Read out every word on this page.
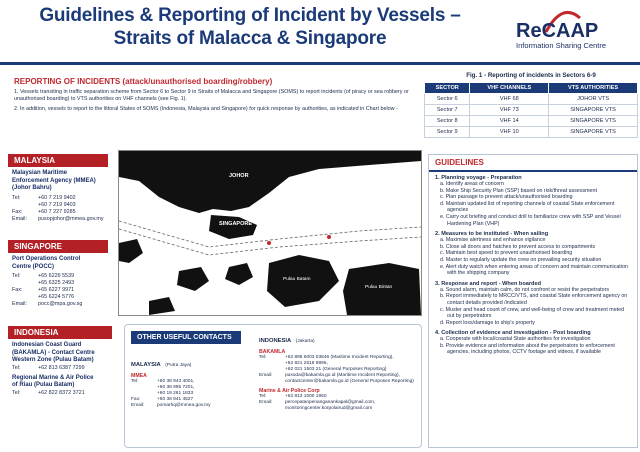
Guidelines & Reporting of Incident by Vessels –
Straits of Malacca & Singapore	ReCAAP
Information Sharing Centre
REPORTING OF INCIDENTS (attack/unauthorised boarding/robbery)
1. Vessels transiting in traffic separation scheme from Sector 6 to Sector 9 in Straits of Malacca and Singapore (SOMS) to report incidents (of piracy or sea robbery or unauthorised boarding) to VTS authorities on VHF channels (see Fig. 1).
2. In addition, vessels to report to the littoral States of SOMS (Indonesia, Malaysia and Singapore) for quick response by authorities, as indicated in Chart below -
Fig. 1 - Reporting of incidents in Sectors 6-9
SECTOR	VHF CHANNELS	VTS AUTHORITIES
Sector 6	VHF 68	JOHOR VTS
Sector 7	VHF 73	SINGAPORE VTS
Sector 8	VHF 14	SINGAPORE VTS
Sector 9	VHF 10	SINGAPORE VTS
MALAYSIA
Malaysian Maritime
Enforcement Agency (MMEA)
(Johor Bahru)
Tel:	+60 7 219 9402
+60 7 219 9403
Fax:	+60 7 227 9285
Email:	pusopjohor@mmea.gov.my
SINGAPORE
Port Operations Control
Centre (POCC)
Tel:	+65 6226 5539
+65 6325 2493
Fax:	+65 6227 9971
+65 6224 5776
Email:	pocc@mpa.gov.sg
INDONESIA
Indonesian Coast Guard
(BAKAMLA) - Contact Centre
Western Zone (Pulau Batam)
Tel:	+62 813 6387 7299
Regional Marine & Air Police
of Riau (Pulau Batam)
Tel:	+62 822 8372 3721
JOHOR
SINGAPORE
Pulau Batam
Pulau Bintan
OTHER USEFUL CONTACTS
MALAYSIA (Putra Jaya)
MMEA
Tel:	+60 38 943 4001,
+60 38 995 7201,
+60 19 261 1833
Fax:	+60 38 941 4527
Email:	pomarhq@mmea.gov.my
INDONESIA (Jakarta)
BAKAMLA
Tel:	+62 895 6003 03846 (Maritime Incident Reporting),
+62 821 2518 9896,
+62 021 1503 21 (General Purposes Reporting)
Email:	pusoda@bakamla.go.id (Maritime Incident Reporting),
contactcenter@bakamla.go.id (General Purposes Reporting)
Marine & Air Police Corp
Tel:	+62 813 1000 1950
Email:	percepatanpenanganankapal@gmail.com,
monitoringcenter.korpolairud@gmail.com
GUIDELINES
1. Planning voyage - Preparation
a. Identify areas of concern
b. Make Ship Security Plan (SSP) based on risk/threat assessment
c. Plan passage to prevent attack/unauthorised boarding
d. Maintain updated list of reporting channels of coastal State enforcement agencies
e. Carry out briefing and conduct drill to familiarize crew with SSP and Vessel Hardening Plan (VHP)
2. Measures to be instituted - When sailing
a. Maximise alertness and enhance vigilance
b. Close all doors and hatches to prevent access to compartments
c. Maintain best speed to prevent unauthorised boarding
d. Master to regularly update the crew on prevailing security situation
e. Alert duty watch when entering areas of concern and maintain communication with the shipping company
3. Response and report - When boarded
a. Sound alarm, maintain calm, do not confront or resist the perpetrators
b. Report immediately to MRCC/VTS, and coastal State enforcement agency on contact details provided /indicated
c. Muster and head count of crew, and well-being of crew and treatment meted out by perpetrators
d. Report loss/damage to ship's property
4. Collection of evidence and investigation - Post boarding
a. Cooperate with local/coastal State authorities for investigation
b. Provide evidence and information about the perpetrators to enforcement agencies, including photos, CCTV footage and videos, if available
